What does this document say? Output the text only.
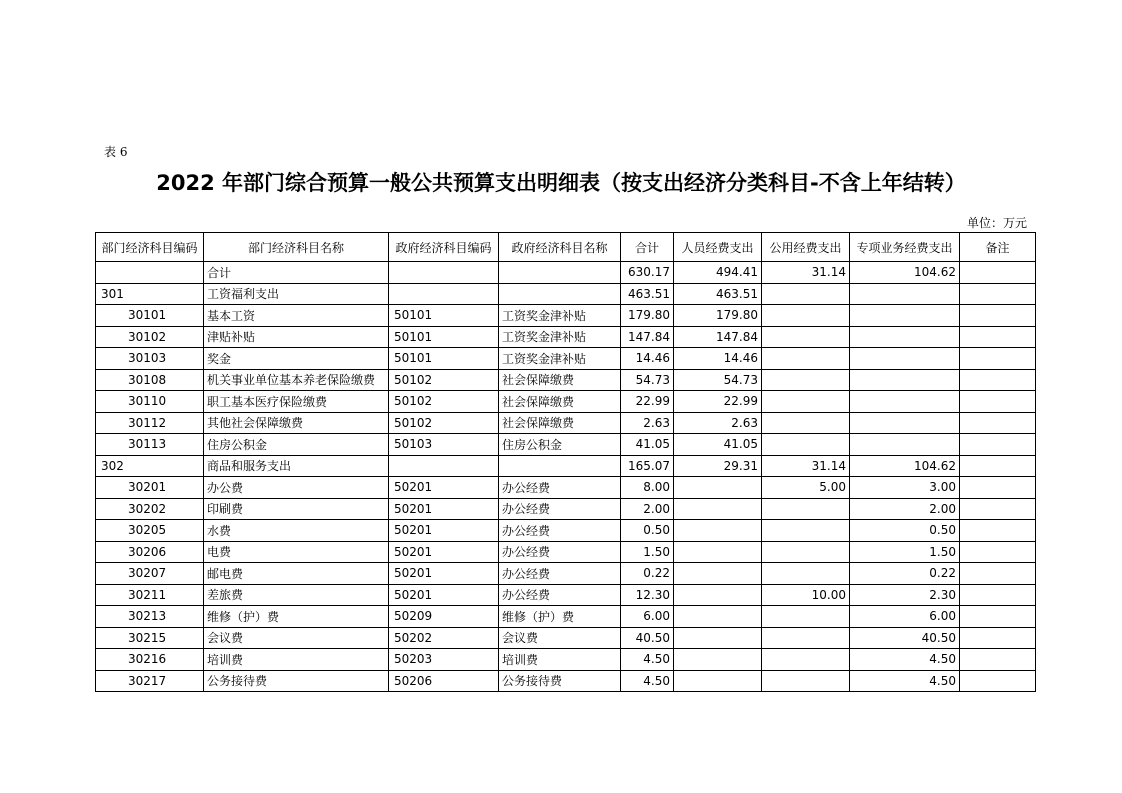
表 6
2022 年部门综合预算一般公共预算支出明细表（按支出经济分类科目-不含上年结转）
单位：万元
部门经济科目编码	部门经济科目名称	政府经济科目编码	政府经济科目名称	合计	人员经费支出	公用经费支出	专项业务经费支出	备注
	合计			630.17	494.41	31.14	104.62	
301	工资福利支出			463.51	463.51			
30101	基本工资	50101	工资奖金津补贴	179.80	179.80			
30102	津贴补贴	50101	工资奖金津补贴	147.84	147.84			
30103	奖金	50101	工资奖金津补贴	14.46	14.46			
30108	机关事业单位基本养老保险缴费	50102	社会保障缴费	54.73	54.73			
30110	职工基本医疗保险缴费	50102	社会保障缴费	22.99	22.99			
30112	其他社会保障缴费	50102	社会保障缴费	2.63	2.63			
30113	住房公积金	50103	住房公积金	41.05	41.05			
302	商品和服务支出			165.07	29.31	31.14	104.62	
30201	办公费	50201	办公经费	8.00		5.00	3.00	
30202	印刷费	50201	办公经费	2.00			2.00	
30205	水费	50201	办公经费	0.50			0.50	
30206	电费	50201	办公经费	1.50			1.50	
30207	邮电费	50201	办公经费	0.22			0.22	
30211	差旅费	50201	办公经费	12.30		10.00	2.30	
30213	维修（护）费	50209	维修（护）费	6.00			6.00	
30215	会议费	50202	会议费	40.50			40.50	
30216	培训费	50203	培训费	4.50			4.50	
30217	公务接待费	50206	公务接待费	4.50			4.50	
